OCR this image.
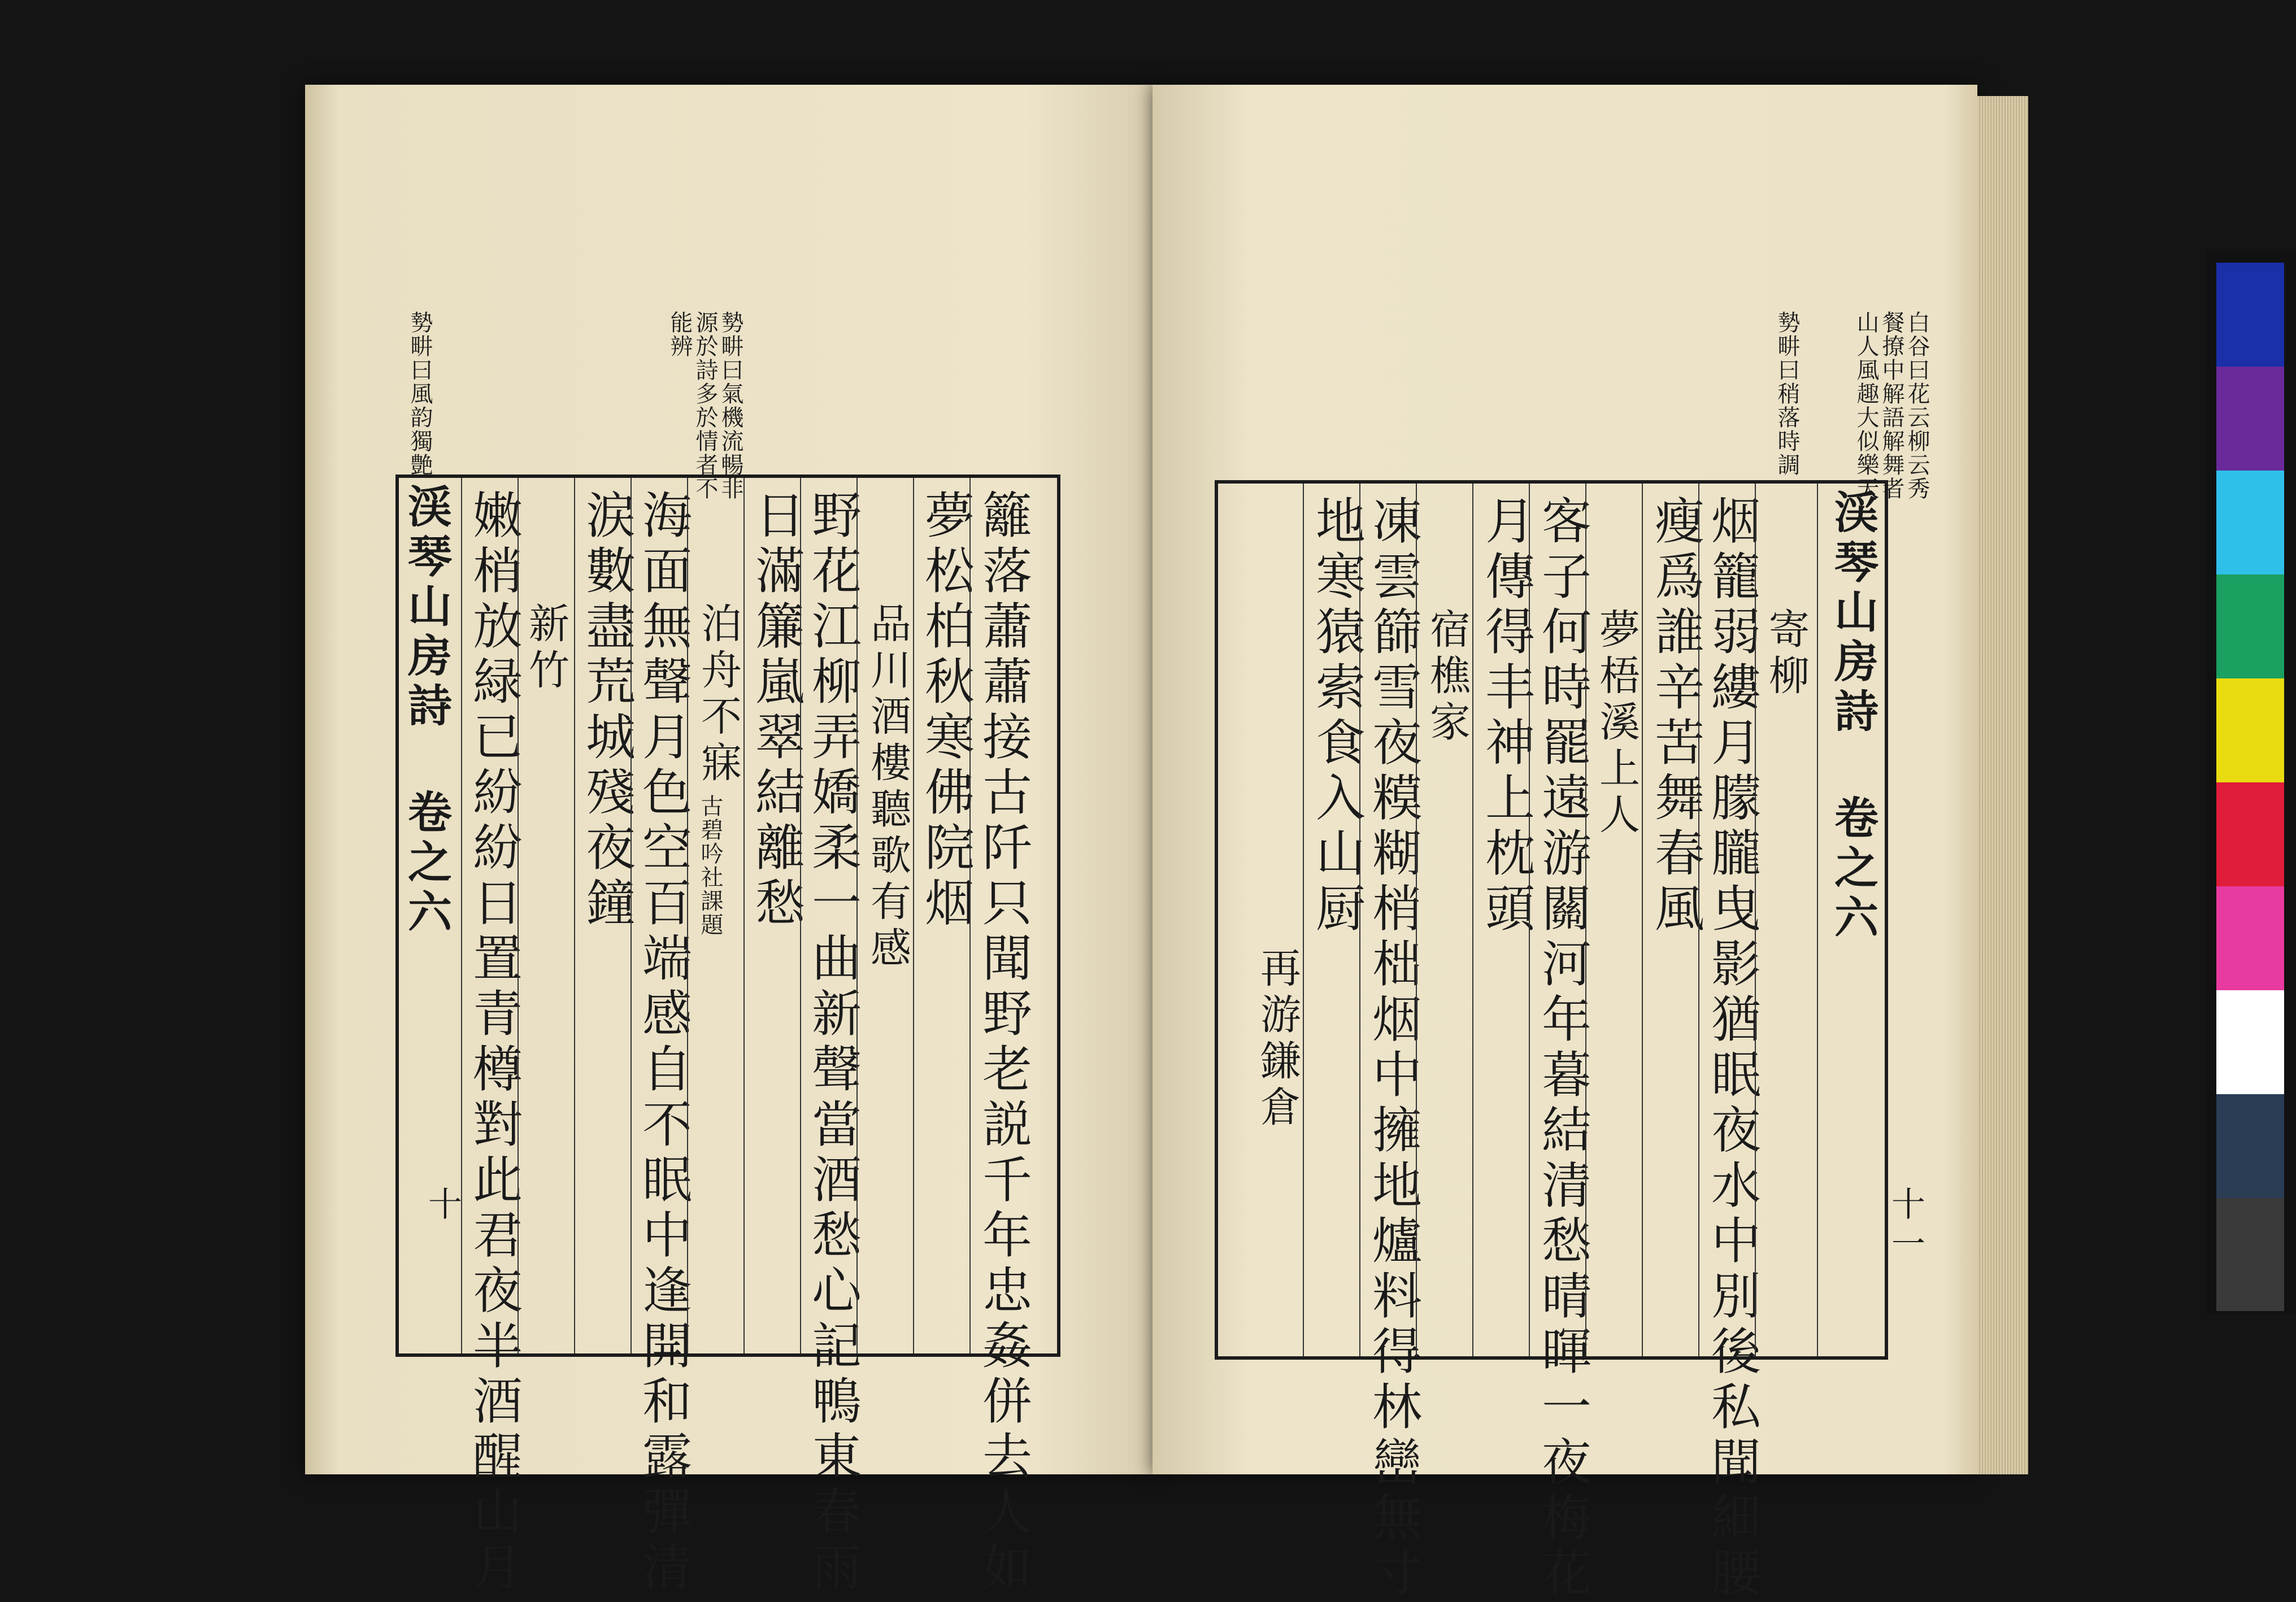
𫝑畊曰風韵獨艶	𫝑畊曰氣機流暢非
源於詩多於情者不
能辨
渓琴山房詩 卷之六 嫩梢放緑已紛紛日置青樽對此君夜半酒醒山月
新竹 涙數盡荒城殘夜鐘
海面無聲月色空百端感自不眠中逢開和露彈清 泊舟不寐
古碧吟社課題 日滿簾嵐翠結離愁
野花江柳弄嬌柔一曲新聲當酒愁心記鴨東春雨 品川酒樓聽歌有感 夢松柏秋寒佛院烟 籬落蕭蕭接古阡只聞野老説千年忠姦併去人如
十
𫝑畊曰稍落時調	白谷曰花云柳云秀
餐撩中解語解舞者
山人風趣大似樂天
再游鎌倉
地寒猿索食入山厨
凍雲篩雪夜糢糊梢柮烟中擁地爐料得林巒無寸 宿樵家 月傳得丰神上枕頭
客子何時罷遠游關河年暮結清愁晴暉一夜梅花 夢梧溪上人 瘦爲誰辛苦舞春風
烟籠弱縷月朦朧曳影猶眠夜水中別後私聞細腰 寄柳 渓琴山房詩 卷之六
十一
